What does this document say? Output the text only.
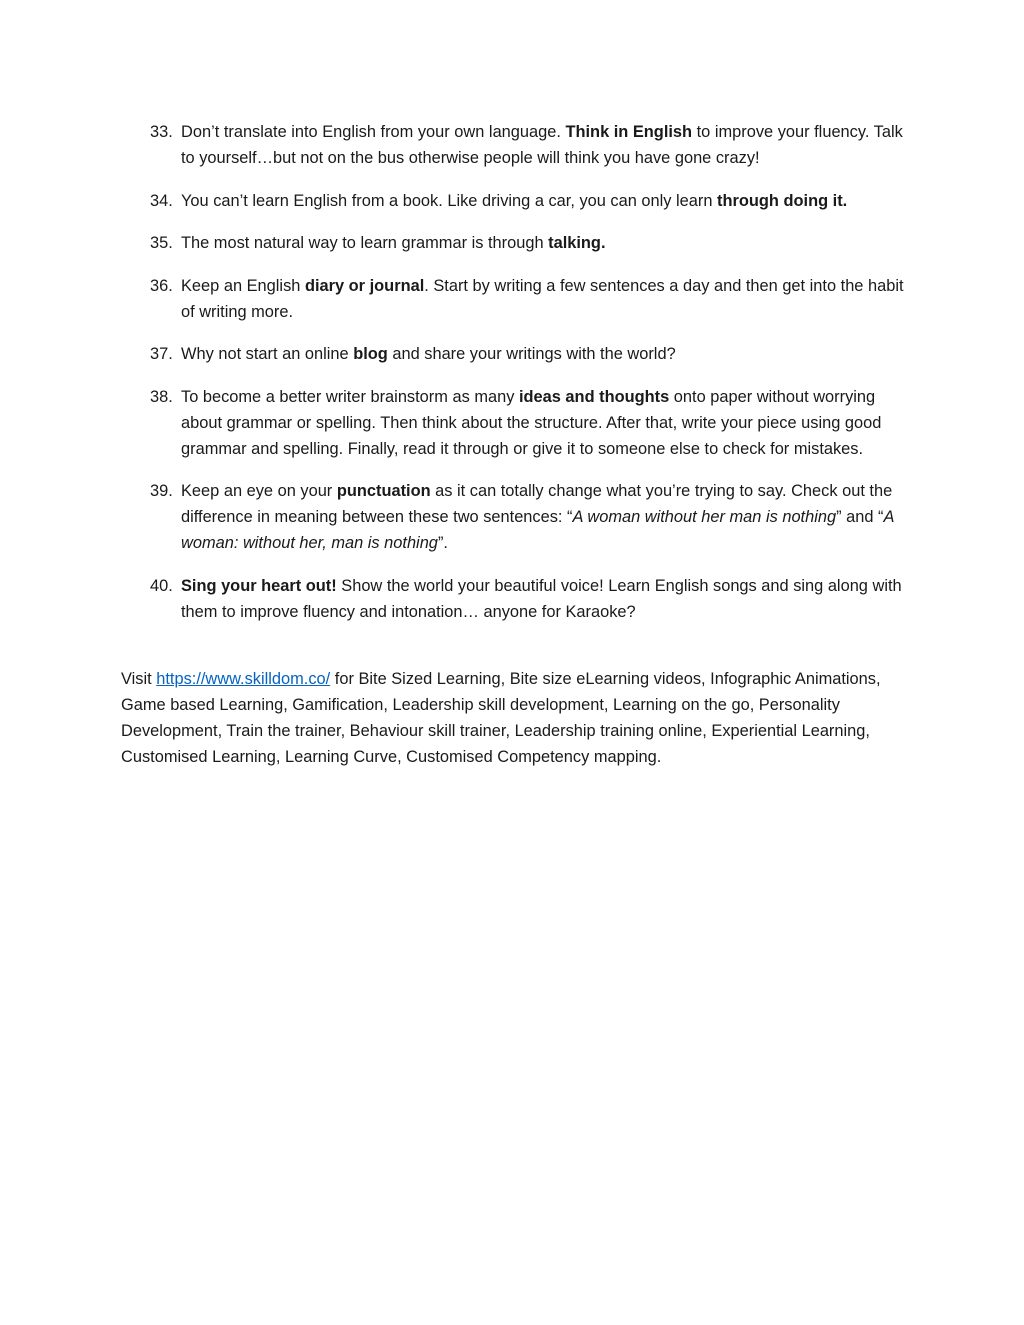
33. Don’t translate into English from your own language. Think in English to improve your fluency. Talk to yourself…but not on the bus otherwise people will think you have gone crazy!
34. You can’t learn English from a book. Like driving a car, you can only learn through doing it.
35. The most natural way to learn grammar is through talking.
36. Keep an English diary or journal. Start by writing a few sentences a day and then get into the habit of writing more.
37. Why not start an online blog and share your writings with the world?
38. To become a better writer brainstorm as many ideas and thoughts onto paper without worrying about grammar or spelling. Then think about the structure. After that, write your piece using good grammar and spelling. Finally, read it through or give it to someone else to check for mistakes.
39. Keep an eye on your punctuation as it can totally change what you’re trying to say. Check out the difference in meaning between these two sentences: “A woman without her man is nothing” and “A woman: without her, man is nothing”.
40. Sing your heart out! Show the world your beautiful voice! Learn English songs and sing along with them to improve fluency and intonation… anyone for Karaoke?

Visit https://www.skilldom.co/ for Bite Sized Learning, Bite size eLearning videos, Infographic Animations, Game based Learning, Gamification, Leadership skill development, Learning on the go, Personality Development, Train the trainer, Behaviour skill trainer, Leadership training online, Experiential Learning, Customised Learning, Learning Curve, Customised Competency mapping.
